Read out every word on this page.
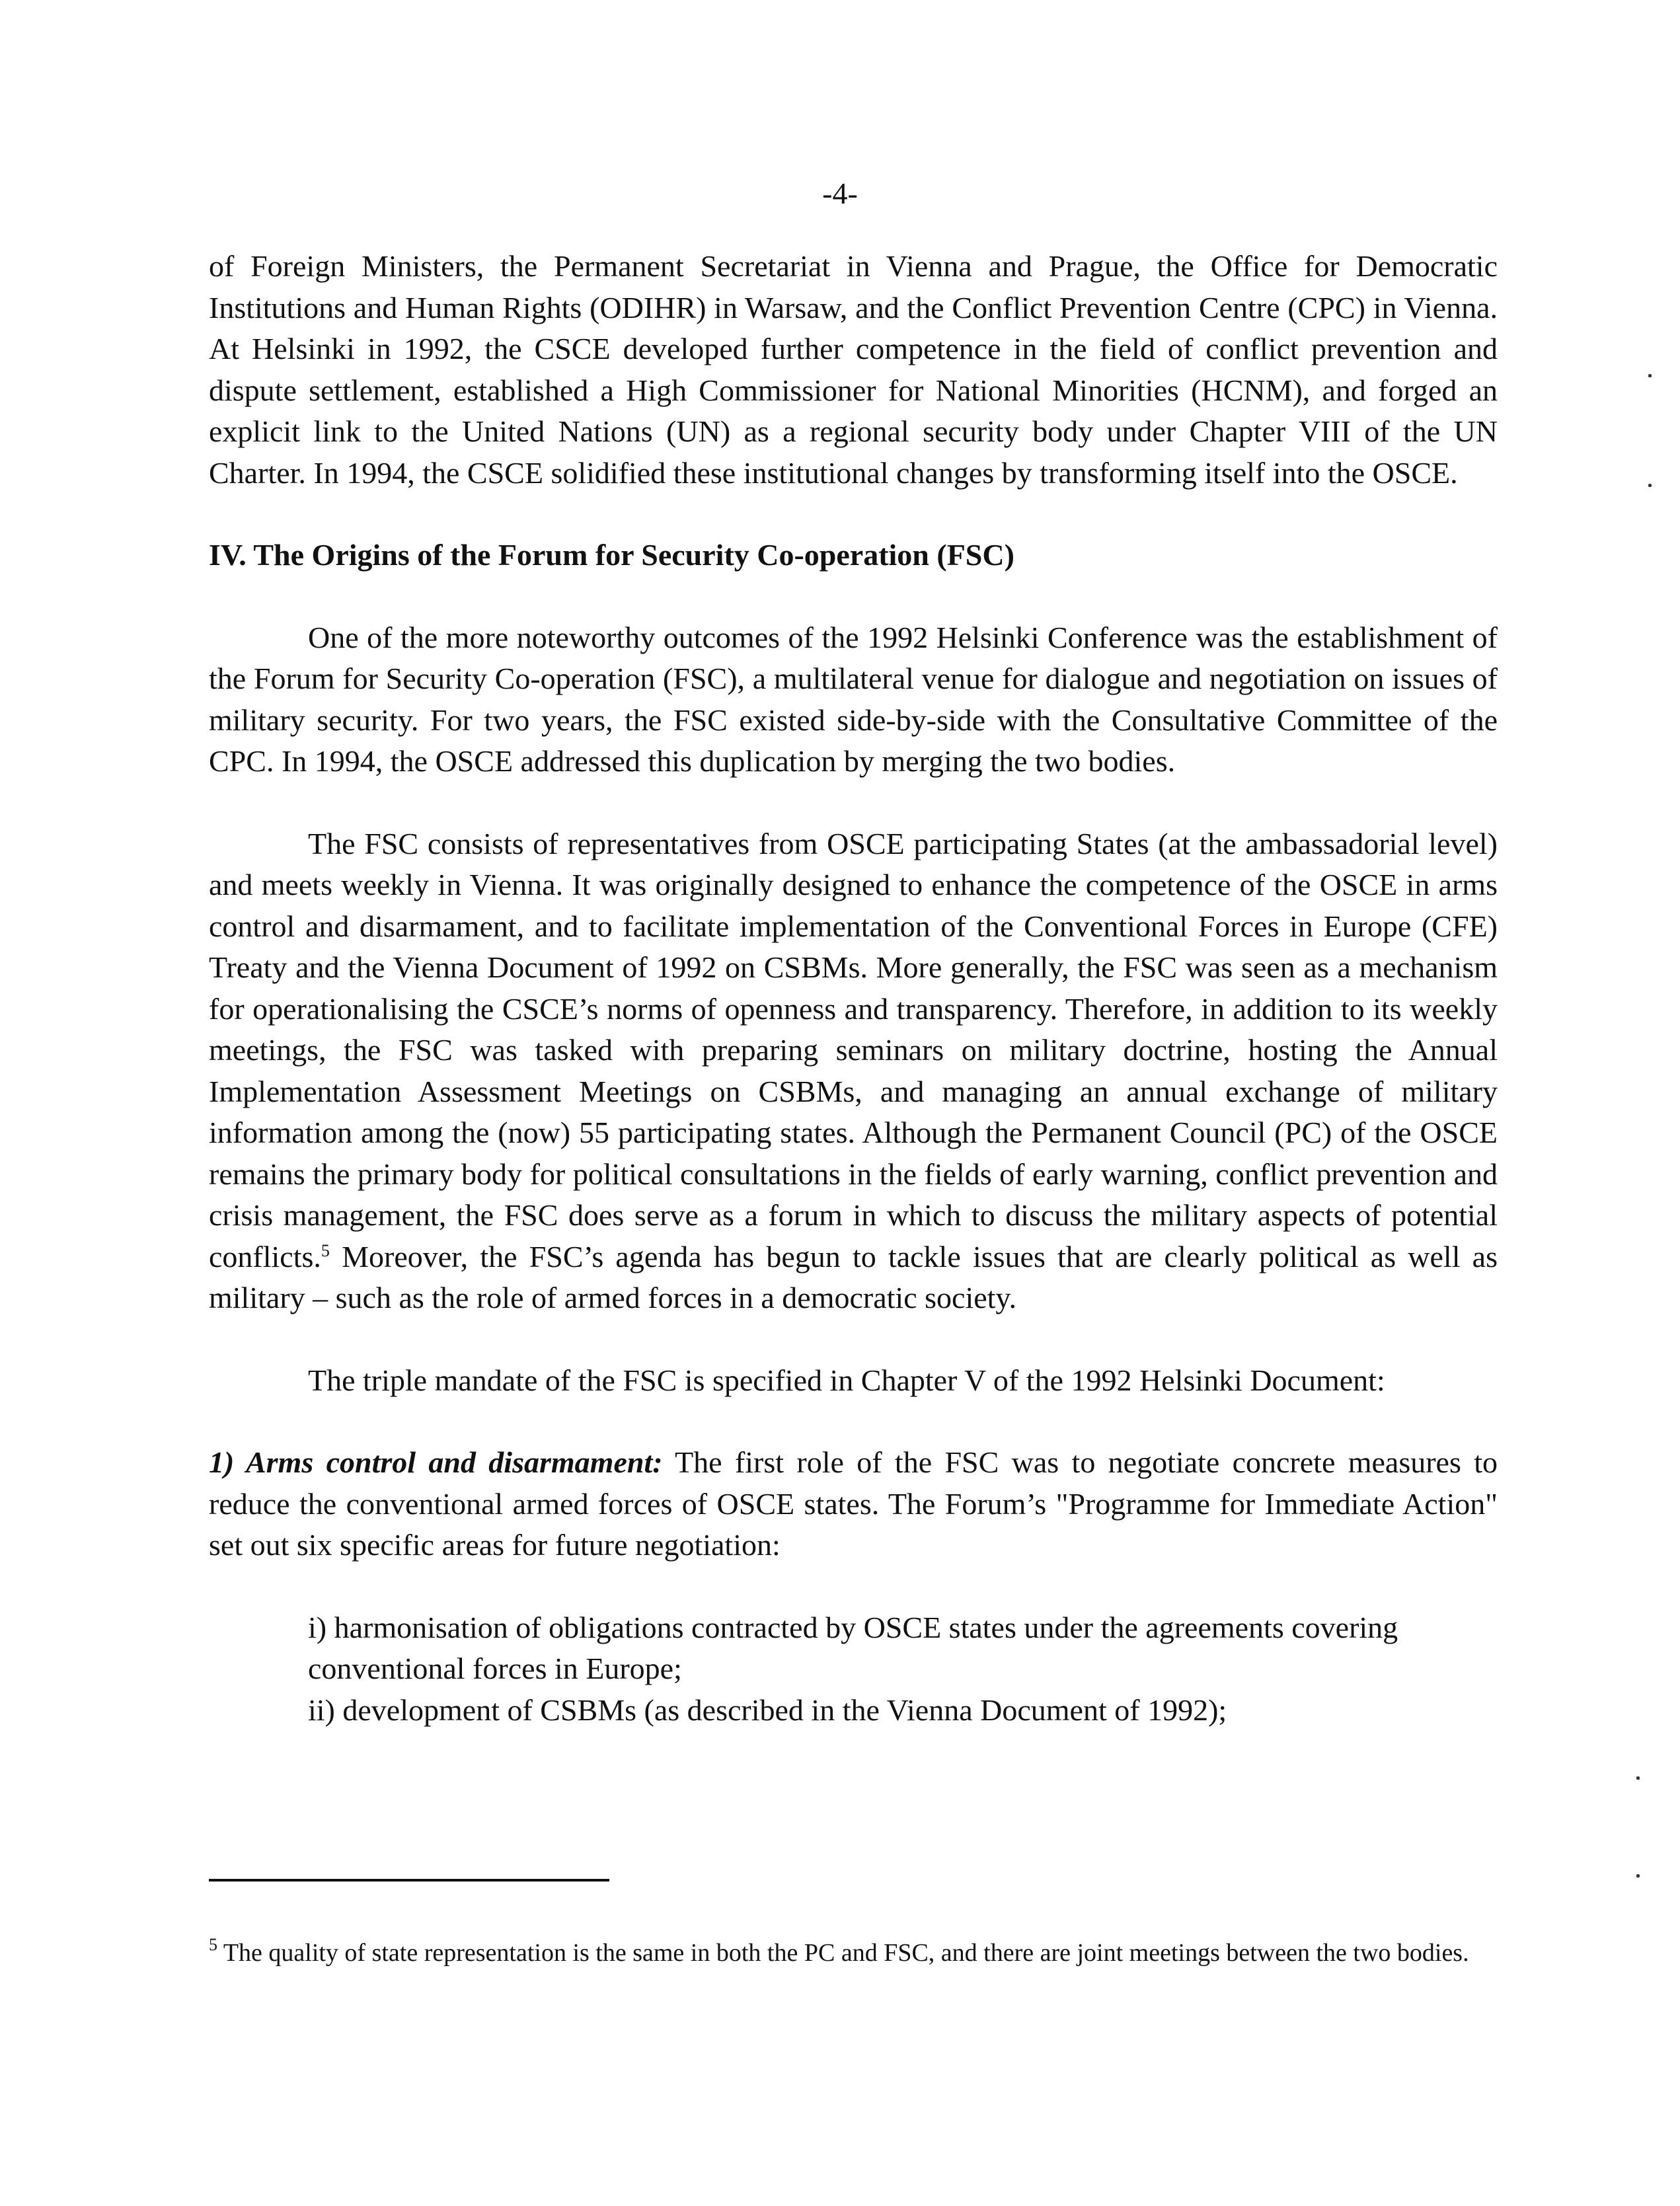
-4-

of Foreign Ministers, the Permanent Secretariat in Vienna and Prague, the Office for Democratic Institutions and Human Rights (ODIHR) in Warsaw, and the Conflict Prevention Centre (CPC) in Vienna. At Helsinki in 1992, the CSCE developed further competence in the field of conflict prevention and dispute settlement, established a High Commissioner for National Minorities (HCNM), and forged an explicit link to the United Nations (UN) as a regional security body under Chapter VIII of the UN Charter. In 1994, the CSCE solidified these institutional changes by transforming itself into the OSCE.

IV. The Origins of the Forum for Security Co-operation (FSC)

One of the more noteworthy outcomes of the 1992 Helsinki Conference was the establishment of the Forum for Security Co-operation (FSC), a multilateral venue for dialogue and negotiation on issues of military security. For two years, the FSC existed side-by-side with the Consultative Committee of the CPC. In 1994, the OSCE addressed this duplication by merging the two bodies.

The FSC consists of representatives from OSCE participating States (at the ambassadorial level) and meets weekly in Vienna. It was originally designed to enhance the competence of the OSCE in arms control and disarmament, and to facilitate implementation of the Conventional Forces in Europe (CFE) Treaty and the Vienna Document of 1992 on CSBMs. More generally, the FSC was seen as a mechanism for operationalising the CSCE’s norms of openness and transparency. Therefore, in addition to its weekly meetings, the FSC was tasked with preparing seminars on military doctrine, hosting the Annual Implementation Assessment Meetings on CSBMs, and managing an annual exchange of military information among the (now) 55 participating states. Although the Permanent Council (PC) of the OSCE remains the primary body for political consultations in the fields of early warning, conflict prevention and crisis management, the FSC does serve as a forum in which to discuss the military aspects of potential conflicts.$^5$ Moreover, the FSC’s agenda has begun to tackle issues that are clearly political as well as military – such as the role of armed forces in a democratic society.

The triple mandate of the FSC is specified in Chapter V of the 1992 Helsinki Document:

1) Arms control and disarmament: The first role of the FSC was to negotiate concrete measures to reduce the conventional armed forces of OSCE states. The Forum’s "Programme for Immediate Action" set out six specific areas for future negotiation:

i) harmonisation of obligations contracted by OSCE states under the agreements covering conventional forces in Europe;

ii) development of CSBMs (as described in the Vienna Document of 1992);

$^5$ The quality of state representation is the same in both the PC and FSC, and there are joint meetings between the two bodies.
